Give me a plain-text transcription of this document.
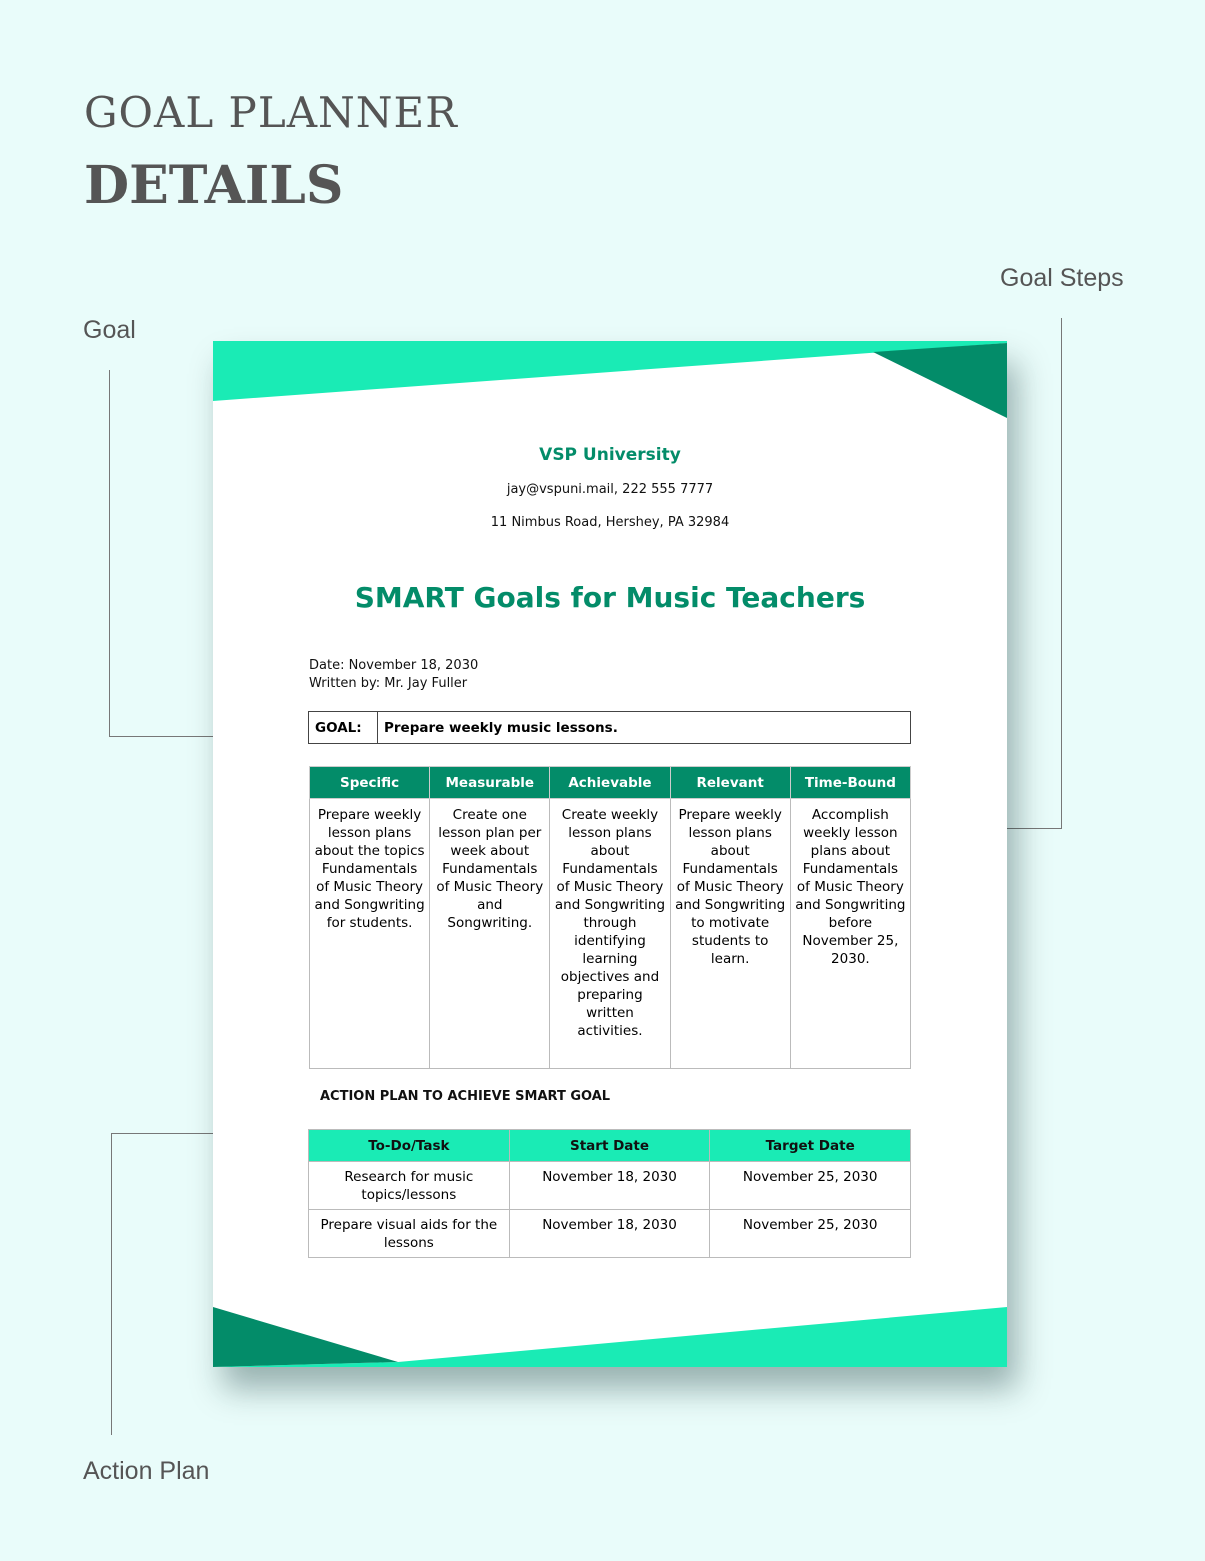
GOAL PLANNER
DETAILS
Goal
Goal Steps
Action Plan
VSP University
jay@vspuni.mail, 222 555 7777
11 Nimbus Road, Hershey, PA 32984
SMART Goals for Music Teachers
Date: November 18, 2030
Written by: Mr. Jay Fuller
GOAL:	Prepare weekly music lessons.
Specific	Measurable	Achievable	Relevant	Time-Bound
Prepare weekly lesson plans about the topics Fundamentals of Music Theory and Songwriting for students.	Create one lesson plan per week about Fundamentals of Music Theory and Songwriting.	Create weekly lesson plans about Fundamentals of Music Theory and Songwriting through identifying learning objectives and preparing written activities.	Prepare weekly lesson plans about Fundamentals of Music Theory and Songwriting to motivate students to learn.	Accomplish weekly lesson plans about Fundamentals of Music Theory and Songwriting before November 25, 2030.
ACTION PLAN TO ACHIEVE SMART GOAL
To-Do/Task	Start Date	Target Date
Research for music topics/lessons	November 18, 2030	November 25, 2030
Prepare visual aids for the lessons	November 18, 2030	November 25, 2030
